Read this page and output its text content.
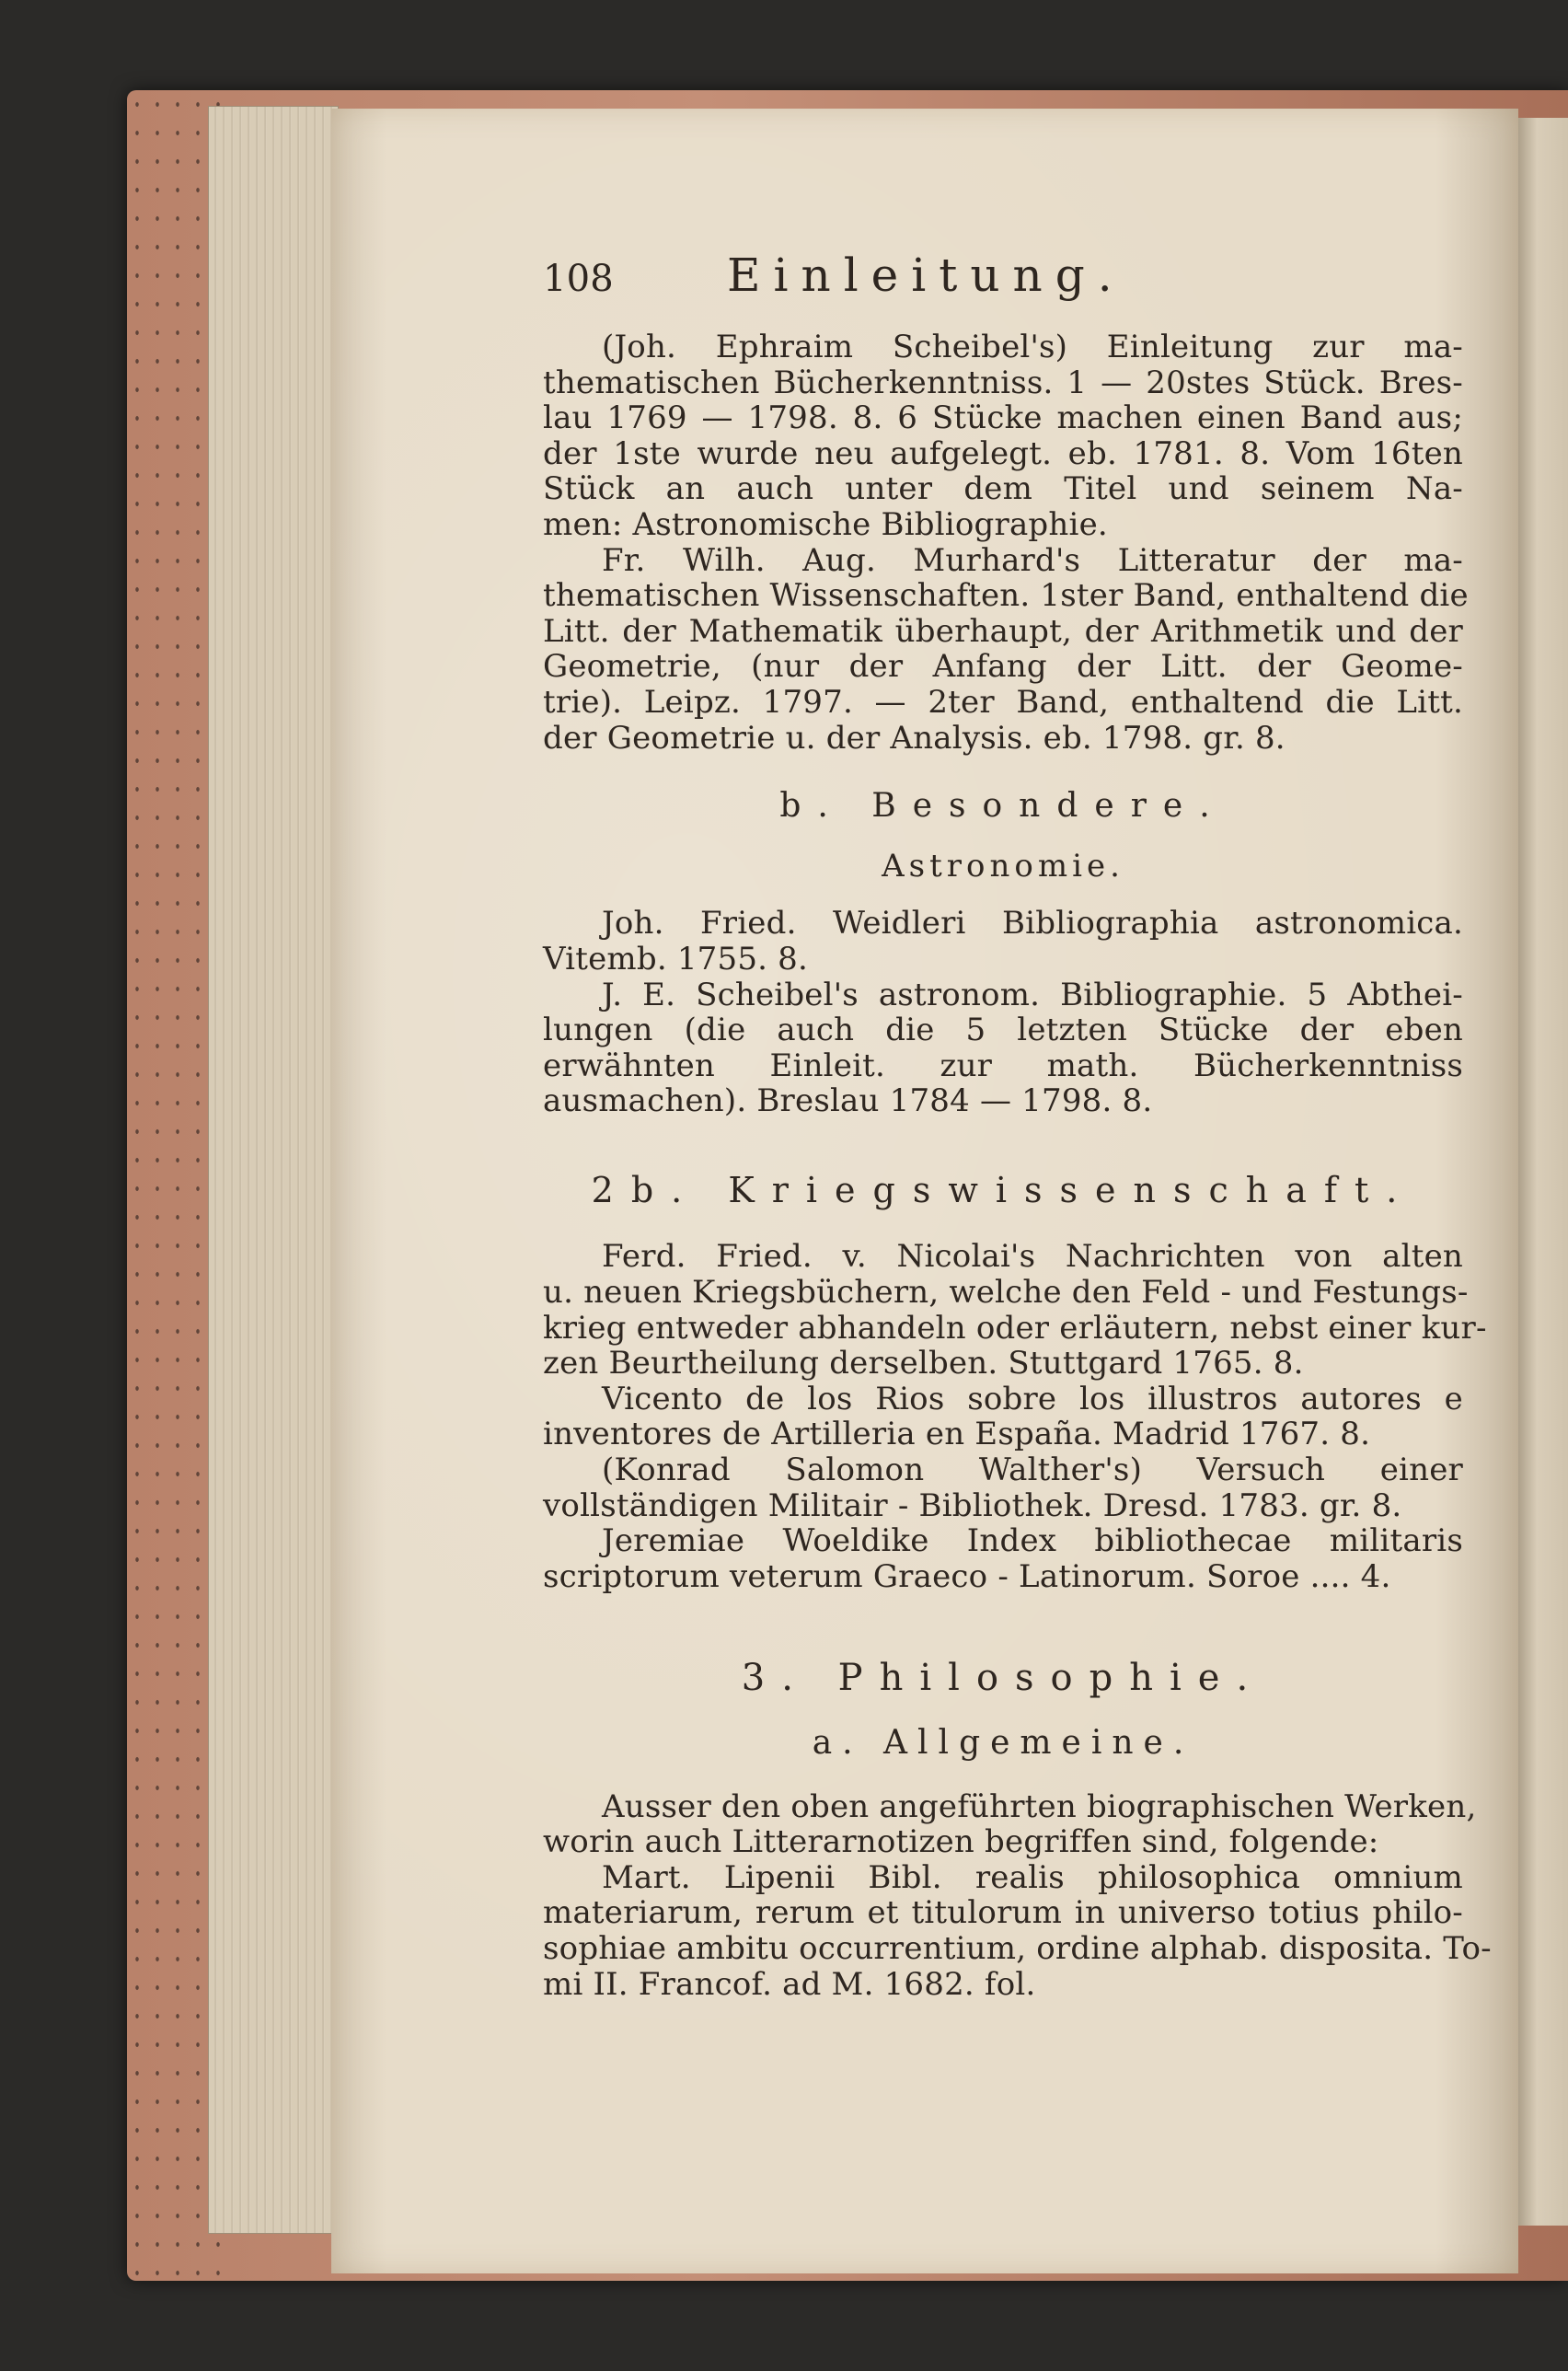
108	Einleitung.
(Joh. Ephraim Scheibel's) Einleitung zur ma-
thematischen Bücherkenntniss. 1 — 20stes Stück. Bres-
lau 1769 — 1798. 8. 6 Stücke machen einen Band aus;
der 1ste wurde neu aufgelegt. eb. 1781. 8. Vom 16ten
Stück an auch unter dem Titel und seinem Na-
men: Astronomische Bibliographie.
Fr. Wilh. Aug. Murhard's Litteratur der ma-
thematischen Wissenschaften. 1ster Band, enthaltend die
Litt. der Mathematik überhaupt, der Arithmetik und der
Geometrie, (nur der Anfang der Litt. der Geome-
trie). Leipz. 1797. — 2ter Band, enthaltend die Litt.
der Geometrie u. der Analysis. eb. 1798. gr. 8.
b. Besondere.
Astronomie.
Joh. Fried. Weidleri Bibliographia astronomica.
Vitemb. 1755. 8.
J. E. Scheibel's astronom. Bibliographie. 5 Abthei-
lungen (die auch die 5 letzten Stücke der eben
erwähnten Einleit. zur math. Bücherkenntniss
ausmachen). Breslau 1784 — 1798. 8.
2b. Kriegswissenschaft.
Ferd. Fried. v. Nicolai's Nachrichten von alten
u. neuen Kriegsbüchern, welche den Feld - und Festungs-
krieg entweder abhandeln oder erläutern, nebst einer kur-
zen Beurtheilung derselben. Stuttgard 1765. 8.
Vicento de los Rios sobre los illustros autores e
inventores de Artilleria en España. Madrid 1767. 8.
(Konrad Salomon Walther's) Versuch einer
vollständigen Militair - Bibliothek. Dresd. 1783. gr. 8.
Jeremiae Woeldike Index bibliothecae militaris
scriptorum veterum Graeco - Latinorum. Soroe .... 4.
3. Philosophie.
a. Allgemeine.
Ausser den oben angeführten biographischen Werken,
worin auch Litterarnotizen begriffen sind, folgende:
Mart. Lipenii Bibl. realis philosophica omnium
materiarum, rerum et titulorum in universo totius philo-
sophiae ambitu occurrentium, ordine alphab. disposita. To-
mi II. Francof. ad M. 1682. fol.
